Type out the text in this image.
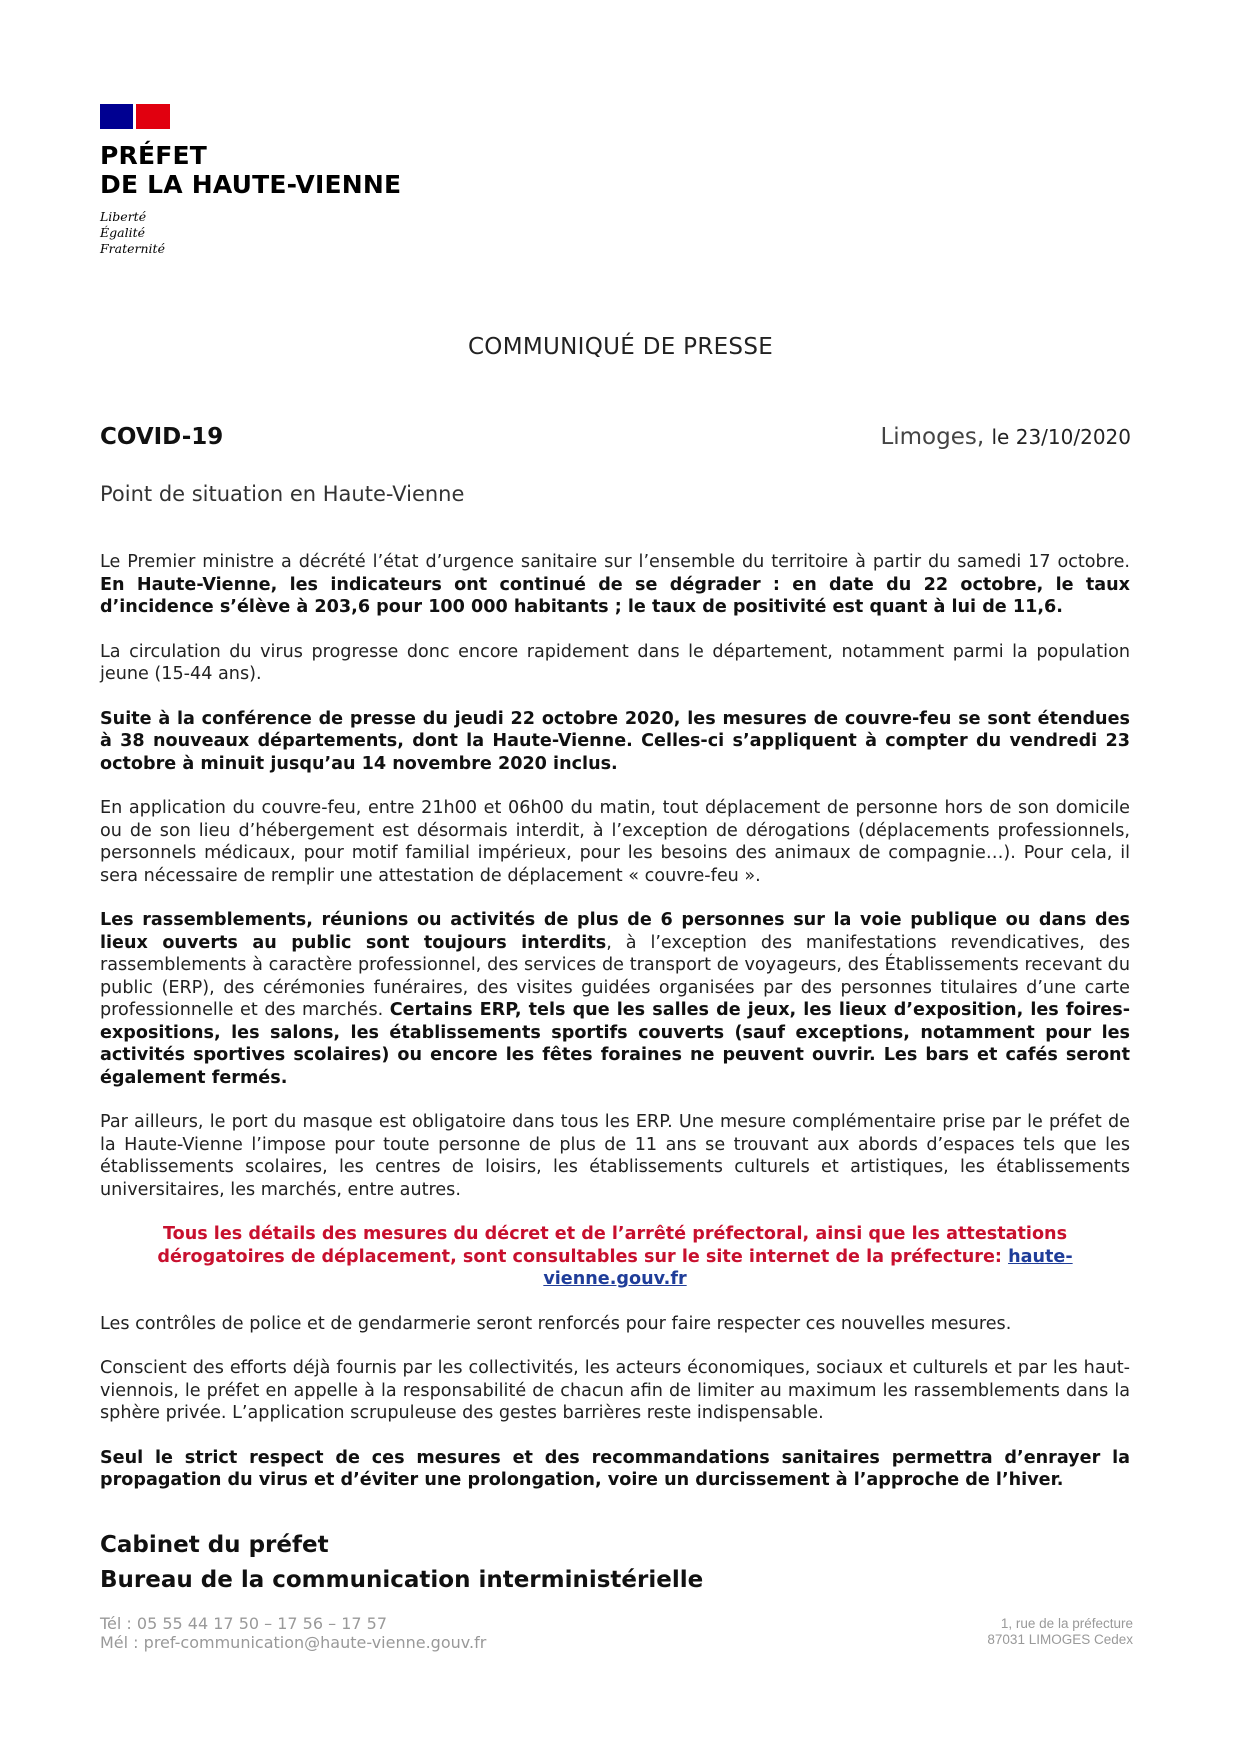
PRÉFET
DE LA HAUTE-VIENNE
Liberté
Égalité
Fraternité
COMMUNIQUÉ DE PRESSE
COVID-19	Limoges, le 23/10/2020
Point de situation en Haute-Vienne

Le Premier ministre a décrété l’état d’urgence sanitaire sur l’ensemble du territoire à partir du samedi 17 octobre. En Haute-Vienne, les indicateurs ont continué de se dégrader : en date du 22 octobre, le taux d’incidence s’élève à 203,6 pour 100 000 habitants ; le taux de positivité est quant à lui de 11,6.

La circulation du virus progresse donc encore rapidement dans le département, notamment parmi la population jeune (15-44 ans).

Suite à la conférence de presse du jeudi 22 octobre 2020, les mesures de couvre-feu se sont étendues à 38 nouveaux départements, dont la Haute-Vienne. Celles-ci s’appliquent à compter du vendredi 23 octobre à minuit jusqu’au 14 novembre 2020 inclus.

En application du couvre-feu, entre 21h00 et 06h00 du matin, tout déplacement de personne hors de son domicile ou de son lieu d’hébergement est désormais interdit, à l’exception de dérogations (déplacements professionnels, personnels médicaux, pour motif familial impérieux, pour les besoins des animaux de compagnie…). Pour cela, il sera nécessaire de remplir une attestation de déplacement « couvre-feu ».

Les rassemblements, réunions ou activités de plus de 6 personnes sur la voie publique ou dans des lieux ouverts au public sont toujours interdits, à l’exception des manifestations revendicatives, des rassemblements à caractère professionnel, des services de transport de voyageurs, des Établissements recevant du public (ERP), des cérémonies funéraires, des visites guidées organisées par des personnes titulaires d’une carte professionnelle et des marchés. Certains ERP, tels que les salles de jeux, les lieux d’exposition, les foires-expositions, les salons, les établissements sportifs couverts (sauf exceptions, notamment pour les activités sportives scolaires) ou encore les fêtes foraines ne peuvent ouvrir. Les bars et cafés seront également fermés.

Par ailleurs, le port du masque est obligatoire dans tous les ERP. Une mesure complémentaire prise par le préfet de la Haute-Vienne l’impose pour toute personne de plus de 11 ans se trouvant aux abords d’espaces tels que les établissements scolaires, les centres de loisirs, les établissements culturels et artistiques, les établissements universitaires, les marchés, entre autres.

Tous les détails des mesures du décret et de l’arrêté préfectoral, ainsi que les attestations dérogatoires de déplacement, sont consultables sur le site internet de la préfecture: haute-vienne.gouv.fr

Les contrôles de police et de gendarmerie seront renforcés pour faire respecter ces nouvelles mesures.

Conscient des efforts déjà fournis par les collectivités, les acteurs économiques, sociaux et culturels et par les haut-viennois, le préfet en appelle à la responsabilité de chacun afin de limiter au maximum les rassemblements dans la sphère privée. L’application scrupuleuse des gestes barrières reste indispensable.

Seul le strict respect de ces mesures et des recommandations sanitaires permettra d’enrayer la propagation du virus et d’éviter une prolongation, voire un durcissement à l’approche de l’hiver.

Cabinet du préfet
Bureau de la communication interministérielle
Tél : 05 55 44 17 50 – 17 56 – 17 57
Mél : pref-communication@haute-vienne.gouv.fr
1, rue de la préfecture
87031 LIMOGES Cedex
